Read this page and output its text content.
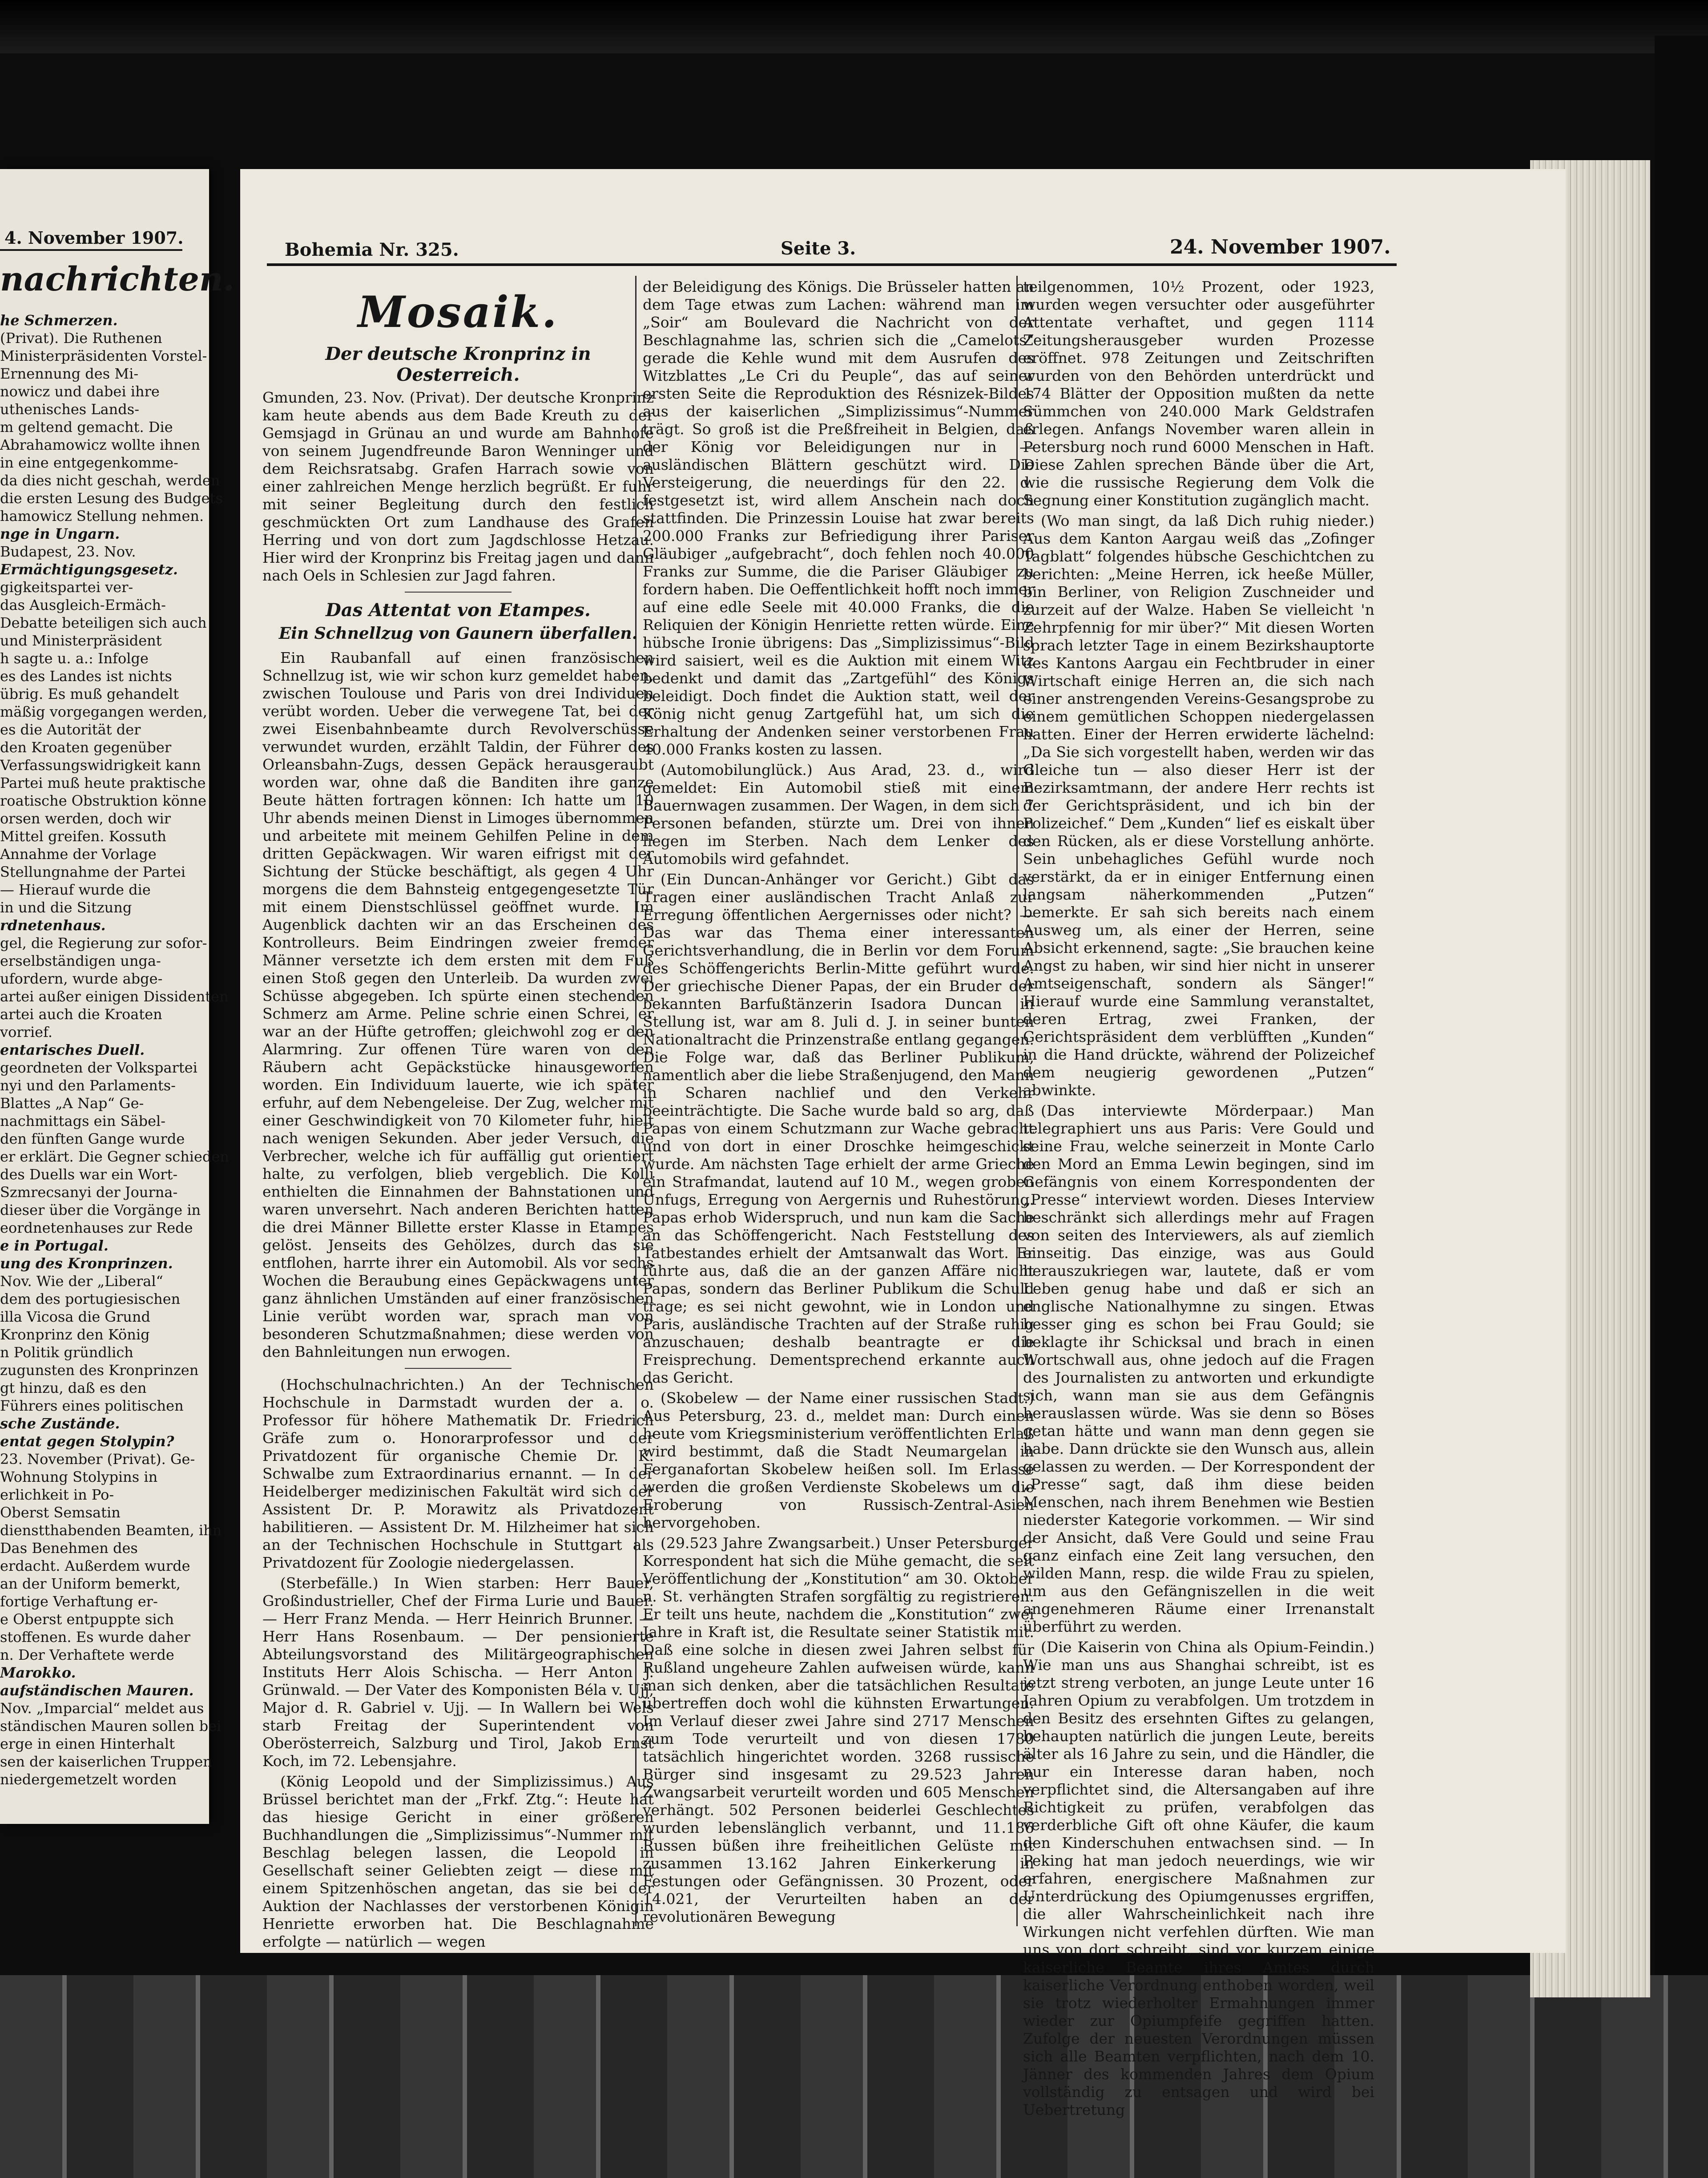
4. November 1907.
nachrichten.
he Schmerzen.
(Privat). Die Ruthenen
Ministerpräsidenten Vorstel-
Ernennung des Mi-
nowicz und dabei ihre
uthenisches Lands-
m geltend gemacht. Die
Abrahamowicz wollte ihnen
in eine entgegenkomme-
da dies nicht geschah, werden
die ersten Lesung des Budgets
hamowicz Stellung nehmen.
nge in Ungarn.
Budapest, 23. Nov.
Ermächtigungsgesetz.
gigkeitspartei ver-
das Ausgleich-Ermäch-
Debatte beteiligen sich auch
und Ministerpräsident
h sagte u. a.: Infolge
es des Landes ist nichts
übrig. Es muß gehandelt
mäßig vorgegangen werden,
es die Autorität der
den Kroaten gegenüber
Verfassungswidrigkeit kann
Partei muß heute praktische
roatische Obstruktion könne
orsen werden, doch wir
Mittel greifen. Kossuth
Annahme der Vorlage
Stellungnahme der Partei
— Hierauf wurde die
in und die Sitzung
rdnetenhaus.
gel, die Regierung zur sofor-
erselbständigen unga-
ufordern, wurde abge-
artei außer einigen Dissidenten
artei auch die Kroaten
vorrief.
entarisches Duell.
geordneten der Volkspartei
nyi und den Parlaments-
Blattes „A Nap“ Ge-
nachmittags ein Säbel-
den fünften Gange wurde
er erklärt. Die Gegner schieden
des Duells war ein Wort-
Szmrecsanyi der Journa-
dieser über die Vorgänge in
eordnetenhauses zur Rede
e in Portugal.
ung des Kronprinzen.
Nov. Wie der „Liberal“
dem des portugiesischen
illa Vicosa die Grund
Kronprinz den König
n Politik gründlich
zugunsten des Kronprinzen
gt hinzu, daß es den
Führers eines politischen
sche Zustände.
entat gegen Stolypin?
23. November (Privat). Ge-
Wohnung Stolypins in
erlichkeit in Po-
Oberst Semsatin
dienstthabenden Beamten, ihn
Das Benehmen des
erdacht. Außerdem wurde
an der Uniform bemerkt,
fortige Verhaftung er-
e Oberst entpuppte sich
stoffenen. Es wurde daher
n. Der Verhaftete werde
Marokko.
aufständischen Mauren.
Nov. „Imparcial“ meldet aus
ständischen Mauren sollen bei
erge in einen Hinterhalt
sen der kaiserlichen Truppen
niedergemetzelt worden
Bohemia Nr. 325.	Seite 3.	24. November 1907.
Mosaik.
Der deutsche Kronprinz in Oesterreich.

Gmunden, 23. Nov. (Privat). Der deutsche Kronprinz kam heute abends aus dem Bade Kreuth zu der Gemsjagd in Grünau an und wurde am Bahnhofe von seinem Jugendfreunde Baron Wenninger und dem Reichsratsabg. Grafen Harrach sowie von einer zahlreichen Menge herzlich begrüßt. Er fuhr mit seiner Begleitung durch den festlich geschmückten Ort zum Landhause des Grafen Herring und von dort zum Jagdschlosse Hetzau. Hier wird der Kronprinz bis Freitag jagen und dann nach Oels in Schlesien zur Jagd fahren.

Das Attentat von Etampes.
Ein Schnellzug von Gaunern überfallen.

Ein Raubanfall auf einen französischen Schnellzug ist, wie wir schon kurz gemeldet haben, zwischen Toulouse und Paris von drei Individuen verübt worden. Ueber die verwegene Tat, bei der zwei Eisenbahnbeamte durch Revolverschüsse verwundet wurden, erzählt Taldin, der Führer des Orleansbahn-Zugs, dessen Gepäck herausgeraubt worden war, ohne daß die Banditen ihre ganze Beute hätten fortragen können: Ich hatte um 10 Uhr abends meinen Dienst in Limoges übernommen und arbeitete mit meinem Gehilfen Peline in dem dritten Gepäckwagen. Wir waren eifrigst mit der Sichtung der Stücke beschäftigt, als gegen 4 Uhr morgens die dem Bahnsteig entgegengesetzte Tür mit einem Dienstschlüssel geöffnet wurde. Im Augenblick dachten wir an das Erscheinen des Kontrolleurs. Beim Eindringen zweier fremder Männer versetzte ich dem ersten mit dem Fuß einen Stoß gegen den Unterleib. Da wurden zwei Schüsse abgegeben. Ich spürte einen stechenden Schmerz am Arme. Peline schrie einen Schrei, er war an der Hüfte getroffen; gleichwohl zog er den Alarmring. Zur offenen Türe waren von den Räubern acht Gepäckstücke hinausgeworfen worden. Ein Individuum lauerte, wie ich später erfuhr, auf dem Nebengeleise. Der Zug, welcher mit einer Geschwindigkeit von 70 Kilometer fuhr, hielt nach wenigen Sekunden. Aber jeder Versuch, die Verbrecher, welche ich für auffällig gut orientiert halte, zu verfolgen, blieb vergeblich. Die Kolli enthielten die Einnahmen der Bahnstationen und waren unversehrt. Nach anderen Berichten hatten die drei Männer Billette erster Klasse in Etampes gelöst. Jenseits des Gehölzes, durch das sie entflohen, harrte ihrer ein Automobil. Als vor sechs Wochen die Beraubung eines Gepäckwagens unter ganz ähnlichen Umständen auf einer französischen Linie verübt worden war, sprach man von besonderen Schutzmaßnahmen; diese werden von den Bahnleitungen nun erwogen.

(Hochschulnachrichten.) An der Technischen Hochschule in Darmstadt wurden der a. o. Professor für höhere Mathematik Dr. Friedrich Gräfe zum o. Honorarprofessor und der Privatdozent für organische Chemie Dr. K. Schwalbe zum Extraordinarius ernannt. — In der Heidelberger medizinischen Fakultät wird sich der Assistent Dr. P. Morawitz als Privatdozent habilitieren. — Assistent Dr. M. Hilzheimer hat sich an der Technischen Hochschule in Stuttgart als Privatdozent für Zoologie niedergelassen.

(Sterbefälle.) In Wien starben: Herr Bauer, Großindustrieller, Chef der Firma Lurie und Bauer. — Herr Franz Menda. — Herr Heinrich Brunner. — Herr Hans Rosenbaum. — Der pensionierte Abteilungsvorstand des Militärgeographischen Instituts Herr Alois Schischa. — Herr Anton J. Grünwald. — Der Vater des Komponisten Béla v. Ujj, Major d. R. Gabriel v. Ujj. — In Wallern bei Wels starb Freitag der Superintendent von Oberösterreich, Salzburg und Tirol, Jakob Ernst Koch, im 72. Lebensjahre.

(König Leopold und der Simplizissimus.) Aus Brüssel berichtet man der „Frkf. Ztg.“: Heute hat das hiesige Gericht in einer größeren Buchhandlungen die „Simplizissimus“-Nummer mit Beschlag belegen lassen, die Leopold in Gesellschaft seiner Geliebten zeigt — diese mit einem Spitzenhöschen angetan, das sie bei der Auktion der Nachlasses der verstorbenen Königin Henriette erworben hat. Die Beschlagnahme erfolgte — natürlich — wegen

der Beleidigung des Königs. Die Brüsseler hatten an dem Tage etwas zum Lachen: während man im „Soir“ am Boulevard die Nachricht von der Beschlagnahme las, schrien sich die „Camelots“ gerade die Kehle wund mit dem Ausrufen des Witzblattes „Le Cri du Peuple“, das auf seiner ersten Seite die Reproduktion des Résnizek-Bildes aus der kaiserlichen „Simplizissimus“-Nummer trägt. So groß ist die Preßfreiheit in Belgien, daß der König vor Beleidigungen nur in — ausländischen Blättern geschützt wird. Die Versteigerung, die neuerdings für den 22. d. festgesetzt ist, wird allem Anschein nach doch stattfinden. Die Prinzessin Louise hat zwar bereits 200.000 Franks zur Befriedigung ihrer Pariser Gläubiger „aufgebracht“, doch fehlen noch 40.000 Franks zur Summe, die die Pariser Gläubiger zu fordern haben. Die Oeffentlichkeit hofft noch immer auf eine edle Seele mit 40.000 Franks, die die Reliquien der Königin Henriette retten würde. Eine hübsche Ironie übrigens: Das „Simplizissimus“-Bild wird saisiert, weil es die Auktion mit einem Witz bedenkt und damit das „Zartgefühl“ des Königs beleidigt. Doch findet die Auktion statt, weil der König nicht genug Zartgefühl hat, um sich die Erhaltung der Andenken seiner verstorbenen Frau 40.000 Franks kosten zu lassen.

(Automobilunglück.) Aus Arad, 23. d., wird gemeldet: Ein Automobil stieß mit einem Bauernwagen zusammen. Der Wagen, in dem sich 7 Personen befanden, stürzte um. Drei von ihnen liegen im Sterben. Nach dem Lenker des Automobils wird gefahndet.

(Ein Duncan-Anhänger vor Gericht.) Gibt das Tragen einer ausländischen Tracht Anlaß zur Erregung öffentlichen Aergernisses oder nicht? — Das war das Thema einer interessanten Gerichtsverhandlung, die in Berlin vor dem Forum des Schöffengerichts Berlin-Mitte geführt wurde. Der griechische Diener Papas, der ein Bruder der bekannten Barfußtänzerin Isadora Duncan in Stellung ist, war am 8. Juli d. J. in seiner bunten Nationaltracht die Prinzenstraße entlang gegangen. Die Folge war, daß das Berliner Publikum, namentlich aber die liebe Straßenjugend, den Mann in Scharen nachlief und den Verkehr beeinträchtigte. Die Sache wurde bald so arg, daß Papas von einem Schutzmann zur Wache gebracht und von dort in einer Droschke heimgeschickt wurde. Am nächsten Tage erhielt der arme Grieche ein Strafmandat, lautend auf 10 M., wegen groben Unfugs, Erregung von Aergernis und Ruhestörung. Papas erhob Widerspruch, und nun kam die Sache an das Schöffengericht. Nach Feststellung des Tatbestandes erhielt der Amtsanwalt das Wort. Er führte aus, daß die an der ganzen Affäre nicht Papas, sondern das Berliner Publikum die Schuld trage; es sei nicht gewohnt, wie in London und Paris, ausländische Trachten auf der Straße ruhig anzuschauen; deshalb beantragte er die Freisprechung. Dementsprechend erkannte auch das Gericht.

(Skobelew — der Name einer russischen Stadt.) Aus Petersburg, 23. d., meldet man: Durch einen heute vom Kriegsministerium veröffentlichten Erlaß wird bestimmt, daß die Stadt Neumargelan in Ferganafortan Skobelew heißen soll. Im Erlasse werden die großen Verdienste Skobelews um die Eroberung von Russisch-Zentral-Asien hervorgehoben.

(29.523 Jahre Zwangsarbeit.) Unser Petersburger Korrespondent hat sich die Mühe gemacht, die seit Veröffentlichung der „Konstitution“ am 30. Oktober n. St. verhängten Strafen sorgfältig zu registrieren. Er teilt uns heute, nachdem die „Konstitution“ zwei Jahre in Kraft ist, die Resultate seiner Statistik mit. Daß eine solche in diesen zwei Jahren selbst für Rußland ungeheure Zahlen aufweisen würde, kann man sich denken, aber die tatsächlichen Resultate übertreffen doch wohl die kühnsten Erwartungen. Im Verlauf dieser zwei Jahre sind 2717 Menschen zum Tode verurteilt und von diesen 1780 tatsächlich hingerichtet worden. 3268 russische Bürger sind insgesamt zu 29.523 Jahren Zwangsarbeit verurteilt worden und 605 Menschen verhängt. 502 Personen beiderlei Geschlechtes wurden lebenslänglich verbannt, und 11.186 Russen büßen ihre freiheitlichen Gelüste mit zusammen 13.162 Jahren Einkerkerung in Festungen oder Gefängnissen. 30 Prozent, oder 14.021, der Verurteilten haben an der revolutionären Bewegung

teilgenommen, 10½ Prozent, oder 1923, wurden wegen versuchter oder ausgeführter Attentate verhaftet, und gegen 1114 Zeitungsherausgeber wurden Prozesse eröffnet. 978 Zeitungen und Zeitschriften wurden von den Behörden unterdrückt und 174 Blätter der Opposition mußten da nette Sümmchen von 240.000 Mark Geldstrafen erlegen. Anfangs November waren allein in Petersburg noch rund 6000 Menschen in Haft. Diese Zahlen sprechen Bände über die Art, wie die russische Regierung dem Volk die Segnung einer Konstitution zugänglich macht.

(Wo man singt, da laß Dich ruhig nieder.) Aus dem Kanton Aargau weiß das „Zofinger Tagblatt“ folgendes hübsche Geschichtchen zu berichten: „Meine Herren, ick heeße Müller, bin Berliner, von Religion Zuschneider und zurzeit auf der Walze. Haben Se vielleicht 'n Zehrpfennig for mir über?“ Mit diesen Worten sprach letzter Tage in einem Bezirkshauptorte des Kantons Aargau ein Fechtbruder in einer Wirtschaft einige Herren an, die sich nach einer anstrengenden Vereins-Gesangsprobe zu einem gemütlichen Schoppen niedergelassen hatten. Einer der Herren erwiderte lächelnd: „Da Sie sich vorgestellt haben, werden wir das Gleiche tun — also dieser Herr ist der Bezirksamtmann, der andere Herr rechts ist der Gerichtspräsident, und ich bin der Polizeichef.“ Dem „Kunden“ lief es eiskalt über den Rücken, als er diese Vorstellung anhörte. Sein unbehagliches Gefühl wurde noch verstärkt, da er in einiger Entfernung einen langsam näherkommenden „Putzen“ bemerkte. Er sah sich bereits nach einem Ausweg um, als einer der Herren, seine Absicht erkennend, sagte: „Sie brauchen keine Angst zu haben, wir sind hier nicht in unserer Amtseigenschaft, sondern als Sänger!“ Hierauf wurde eine Sammlung veranstaltet, deren Ertrag, zwei Franken, der Gerichtspräsident dem verblüfften „Kunden“ in die Hand drückte, während der Polizeichef dem neugierig gewordenen „Putzen“ abwinkte.

(Das interviewte Mörderpaar.) Man telegraphiert uns aus Paris: Vere Gould und seine Frau, welche seinerzeit in Monte Carlo den Mord an Emma Lewin begingen, sind im Gefängnis von einem Korrespondenten der „Presse“ interviewt worden. Dieses Interview beschränkt sich allerdings mehr auf Fragen von seiten des Interviewers, als auf ziemlich einseitig. Das einzige, was aus Gould herauszukriegen war, lautete, daß er vom Leben genug habe und daß er sich an englische Nationalhymne zu singen. Etwas besser ging es schon bei Frau Gould; sie beklagte ihr Schicksal und brach in einen Wortschwall aus, ohne jedoch auf die Fragen des Journalisten zu antworten und erkundigte sich, wann man sie aus dem Gefängnis herauslassen würde. Was sie denn so Böses getan hätte und wann man denn gegen sie habe. Dann drückte sie den Wunsch aus, allein gelassen zu werden. — Der Korrespondent der „Presse“ sagt, daß ihm diese beiden Menschen, nach ihrem Benehmen wie Bestien niederster Kategorie vorkommen. — Wir sind der Ansicht, daß Vere Gould und seine Frau ganz einfach eine Zeit lang versuchen, den wilden Mann, resp. die wilde Frau zu spielen, um aus den Gefängniszellen in die weit angenehmeren Räume einer Irrenanstalt überführt zu werden.

(Die Kaiserin von China als Opium-Feindin.) Wie man uns aus Shanghai schreibt, ist es jetzt streng verboten, an junge Leute unter 16 Jahren Opium zu verabfolgen. Um trotzdem in den Besitz des ersehnten Giftes zu gelangen, behaupten natürlich die jungen Leute, bereits älter als 16 Jahre zu sein, und die Händler, die nur ein Interesse daran haben, noch verpflichtet sind, die Altersangaben auf ihre Richtigkeit zu prüfen, verabfolgen das verderbliche Gift oft ohne Käufer, die kaum den Kinderschuhen entwachsen sind. — In Peking hat man jedoch neuerdings, wie wir erfahren, energischere Maßnahmen zur Unterdrückung des Opiumgenusses ergriffen, die aller Wahrscheinlichkeit nach ihre Wirkungen nicht verfehlen dürften. Wie man uns von dort schreibt, sind vor kurzem einige kaiserliche Beamte ihres Amtes durch kaiserliche Verordnung enthoben worden, weil sie trotz wiederholter Ermahnungen immer wieder zur Opiumpfeife gegriffen hatten. Zufolge der neuesten Verordnungen müssen sich alle Beamten verpflichten, nach dem 10. Jänner des kommenden Jahres dem Opium vollständig zu entsagen und wird bei Uebertretung
